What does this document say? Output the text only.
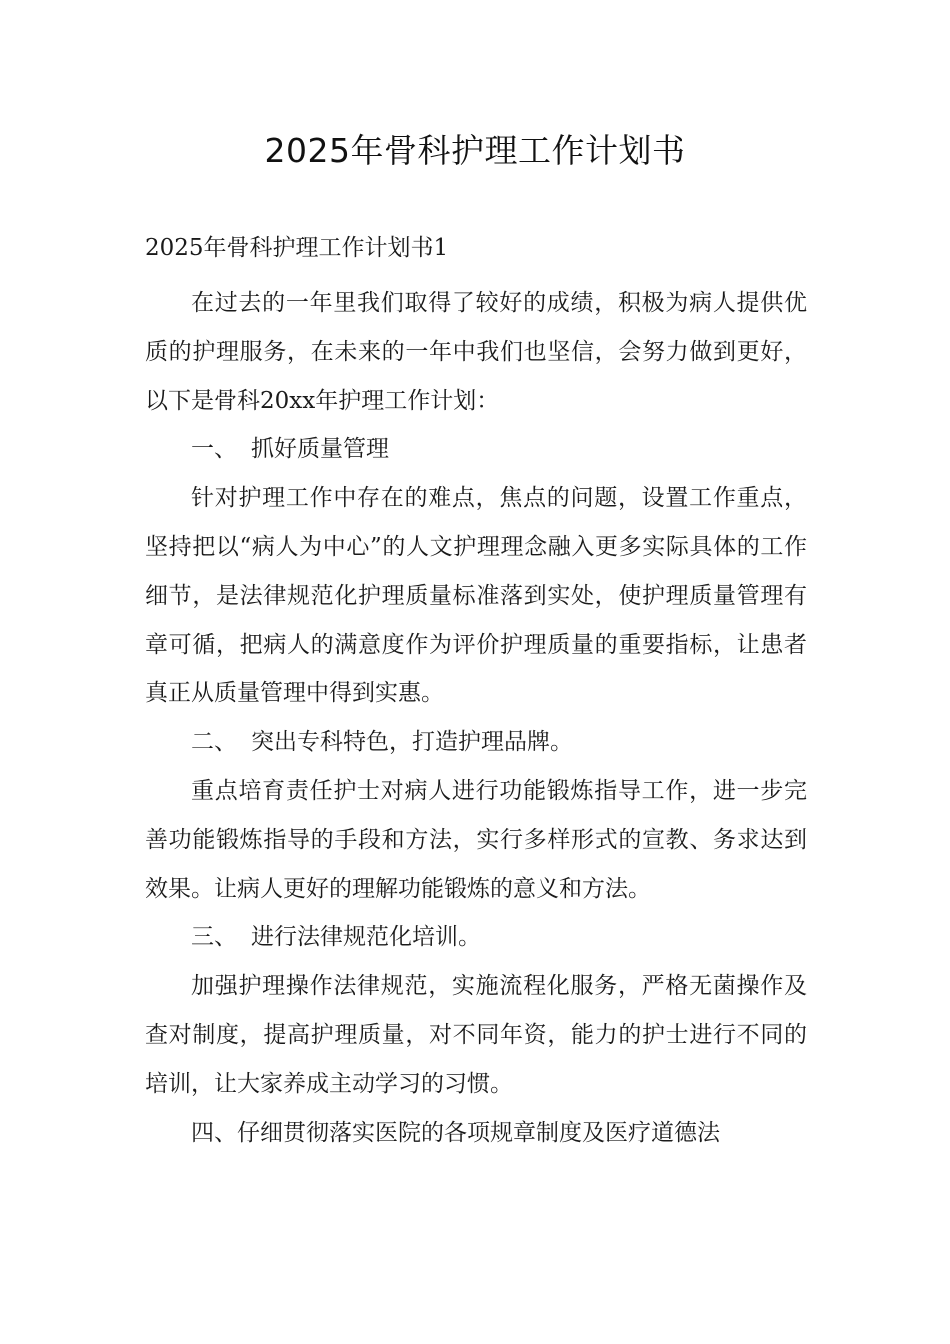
2025年骨科护理工作计划书

2025年骨科护理工作计划书1

在过去的一年里我们取得了较好的成绩，积极为病人提供优质的护理服务，在未来的一年中我们也坚信，会努力做到更好，以下是骨科20xx年护理工作计划：

一、 抓好质量管理

针对护理工作中存在的难点，焦点的问题，设置工作重点，坚持把以“病人为中心”的人文护理理念融入更多实际具体的工作细节，是法律规范化护理质量标准落到实处，使护理质量管理有章可循，把病人的满意度作为评价护理质量的重要指标，让患者真正从质量管理中得到实惠。

二、 突出专科特色，打造护理品牌。

重点培育责任护士对病人进行功能锻炼指导工作，进一步完善功能锻炼指导的手段和方法，实行多样形式的宣教、务求达到效果。让病人更好的理解功能锻炼的意义和方法。

三、 进行法律规范化培训。

加强护理操作法律规范，实施流程化服务，严格无菌操作及查对制度，提高护理质量，对不同年资，能力的护士进行不同的培训，让大家养成主动学习的习惯。

四、仔细贯彻落实医院的各项规章制度及医疗道德法
